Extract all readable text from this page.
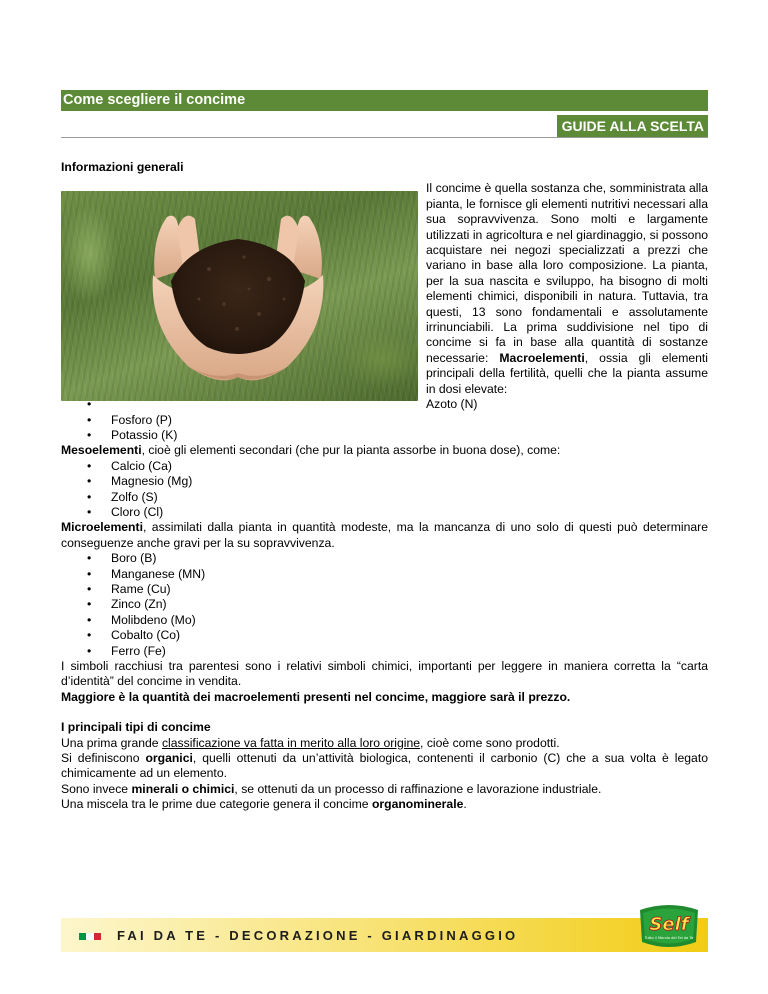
Come scegliere il concime
GUIDE ALLA SCELTA

Informazioni generali

Il concime è quella sostanza che, somministrata alla pianta, le fornisce gli elementi nutritivi necessari alla sua sopravvivenza. Sono molti e largamente utilizzati in agricoltura e nel giardinaggio, si possono acquistare nei negozi specializzati a prezzi che variano in base alla loro composizione. La pianta, per la sua nascita e sviluppo, ha bisogno di molti elementi chimici, disponibili in natura. Tuttavia, tra questi, 13 sono fondamentali e assolutamente irrinunciabili. La prima suddivisione nel tipo di concime si fa in base alla quantità di sostanze necessarie: Macroelementi, ossia gli elementi principali della fertilità, quelli che la pianta assume in dosi elevate:

• Azoto (N)
• Fosforo (P)
• Potassio (K)

Mesoelementi, cioè gli elementi secondari (che pur la pianta assorbe in buona dose), come:

• Calcio (Ca)
• Magnesio (Mg)
• Zolfo (S)
• Cloro (Cl)

Microelementi, assimilati dalla pianta in quantità modeste, ma la mancanza di uno solo di questi può determinare conseguenze anche gravi per la su sopravvivenza.

• Boro (B)
• Manganese (MN)
• Rame (Cu)
• Zinco (Zn)
• Molibdeno (Mo)
• Cobalto (Co)
• Ferro (Fe)

I simboli racchiusi tra parentesi sono i relativi simboli chimici, importanti per leggere in maniera corretta la “carta d’identità” del concime in vendita.

Maggiore è la quantità dei macroelementi presenti nel concime, maggiore sarà il prezzo.

I principali tipi di concime

Una prima grande classificazione va fatta in merito alla loro origine, cioè come sono prodotti.

Si definiscono organici, quelli ottenuti da un’attività biologica, contenenti il carbonio (C) che a sua volta è legato chimicamente ad un elemento.

Sono invece minerali o chimici, se ottenuti da un processo di raffinazione e lavorazione industriale.

Una miscela tra le prime due categorie genera il concime organominerale.

FAI DA TE - DECORAZIONE - GIARDINAGGIO
Self
Tutto il Mondo del Fai da Te
